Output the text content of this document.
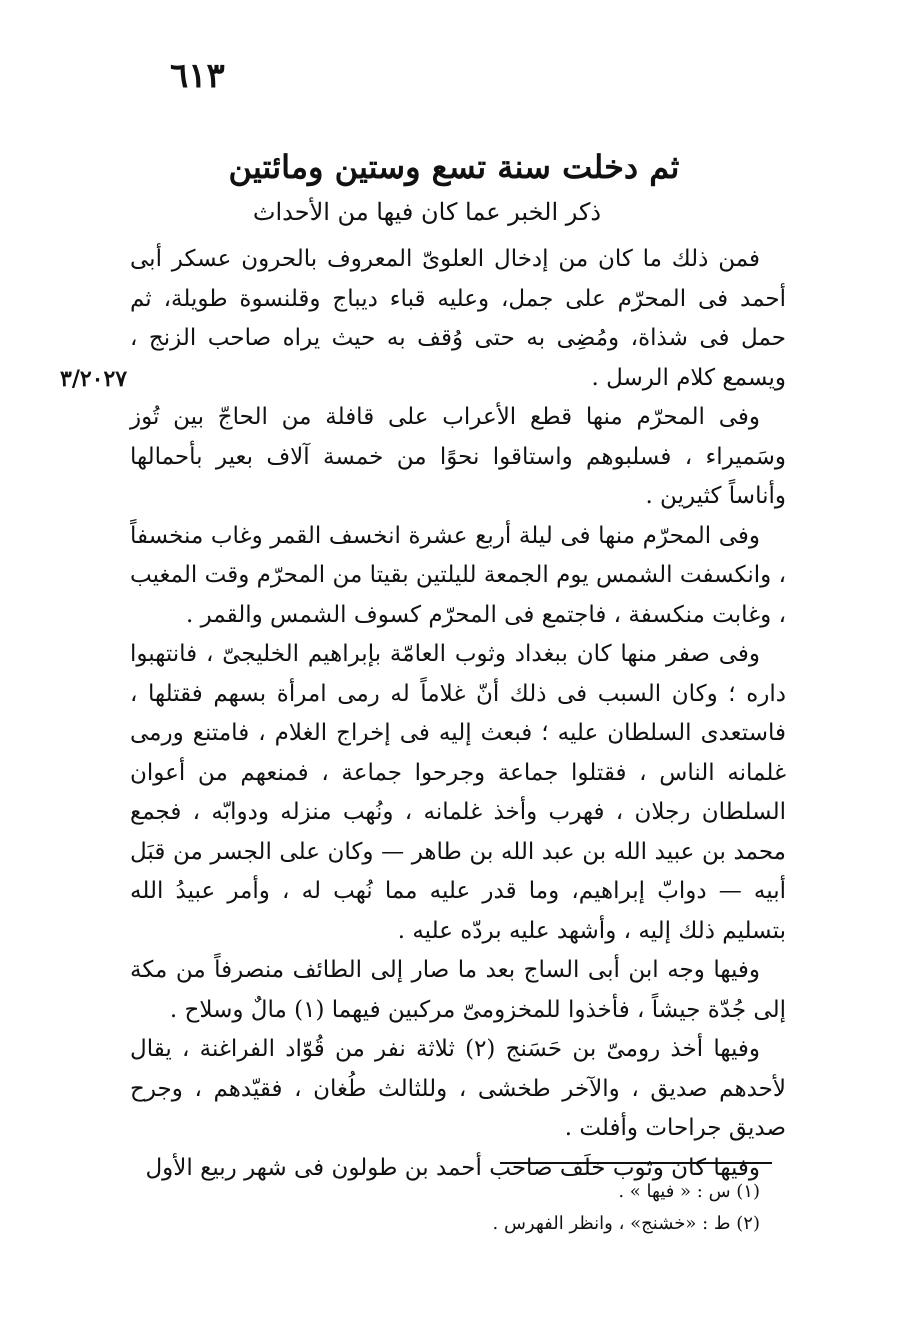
٦١٣
ثم دخلت سنة تسع وستين ومائتين
ذكر الخبر عما كان فيها من الأحداث
٣/٢٠٢٧

فمن ذلك ما كان من إدخال العلوىّ المعروف بالحرون عسكر أبى أحمد فى المحرّم على جمل، وعليه قباء ديباج وقلنسوة طويلة، ثم حمل فى شذاة، ومُضِى به حتى وُقف به حيث يراه صاحب الزنج ، ويسمع كلام الرسل .

وفى المحرّم منها قطع الأعراب على قافلة من الحاجّ بين تُوز وسَميراء ، فسلبوهم واستاقوا نحوًا من خمسة آلاف بعير بأحمالها وأناساً كثيرين .

وفى المحرّم منها فى ليلة أربع عشرة انخسف القمر وغاب منخسفاً ، وانكسفت الشمس يوم الجمعة لليلتين بقيتا من المحرّم وقت المغيب ، وغابت منكسفة ، فاجتمع فى المحرّم كسوف الشمس والقمر .

وفى صفر منها كان ببغداد وثوب العامّة بإبراهيم الخليجىّ ، فانتهبوا داره ؛ وكان السبب فى ذلك أنّ غلاماً له رمى امرأة بسهم فقتلها ، فاستعدى السلطان عليه ؛ فبعث إليه فى إخراج الغلام ، فامتنع ورمى غلمانه الناس ، فقتلوا جماعة وجرحوا جماعة ، فمنعهم من أعوان السلطان رجلان ، فهرب وأخذ غلمانه ، ونُهب منزله ودوابّه ، فجمع محمد بن عبيد الله بن عبد الله بن طاهر — وكان على الجسر من قبَل أبيه — دوابّ إبراهيم، وما قدر عليه مما نُهب له ، وأمر عبيدُ الله بتسليم ذلك إليه ، وأشهد عليه بردّه عليه .

وفيها وجه ابن أبى الساج بعد ما صار إلى الطائف منصرفاً من مكة إلى جُدّة جيشاً ، فأخذوا للمخزومىّ مركبين فيهما (١) مالٌ وسلاح .

وفيها أخذ رومىّ بن حَسَنج (٢) ثلاثة نفر من قُوّاد الفراغنة ، يقال لأحدهم صديق ، والآخر طخشى ، وللثالث طُغان ، فقيّدهم ، وجرح صديق جراحات وأفلت .

وفيها كان وثوب خلَف صاحب أحمد بن طولون فى شهر ربيع الأول

(١) س : « فيها » .
(٢) ط : «خشنج» ، وانظر الفهرس .
